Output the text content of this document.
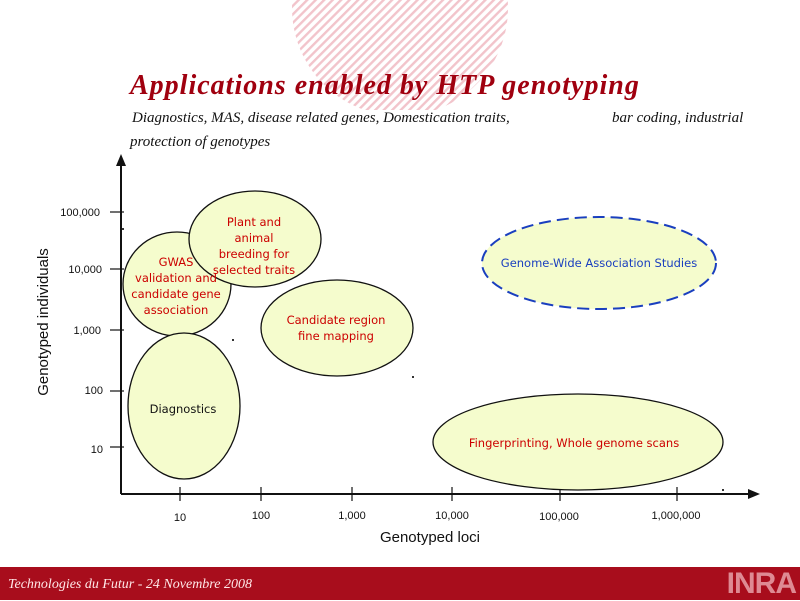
Applications enabled by HTP genotyping
Diagnostics, MAS, disease related genes, Domestication traits,	bar coding, industrial
protection of genotypes
100,000
10,000
1,000
100
10
10	100	1,000	10,000	100,000	1,000,000
Genotyped loci
Genotyped individuals	GWAS
validation and
candidate gene
association
Plant and
animal
breeding for
selected traits
Candidate region
fine mapping
Diagnostics
Genome-Wide Association Studies
Fingerprinting, Whole genome scans
Technologies du Futur - 24 Novembre 2008	INRA
